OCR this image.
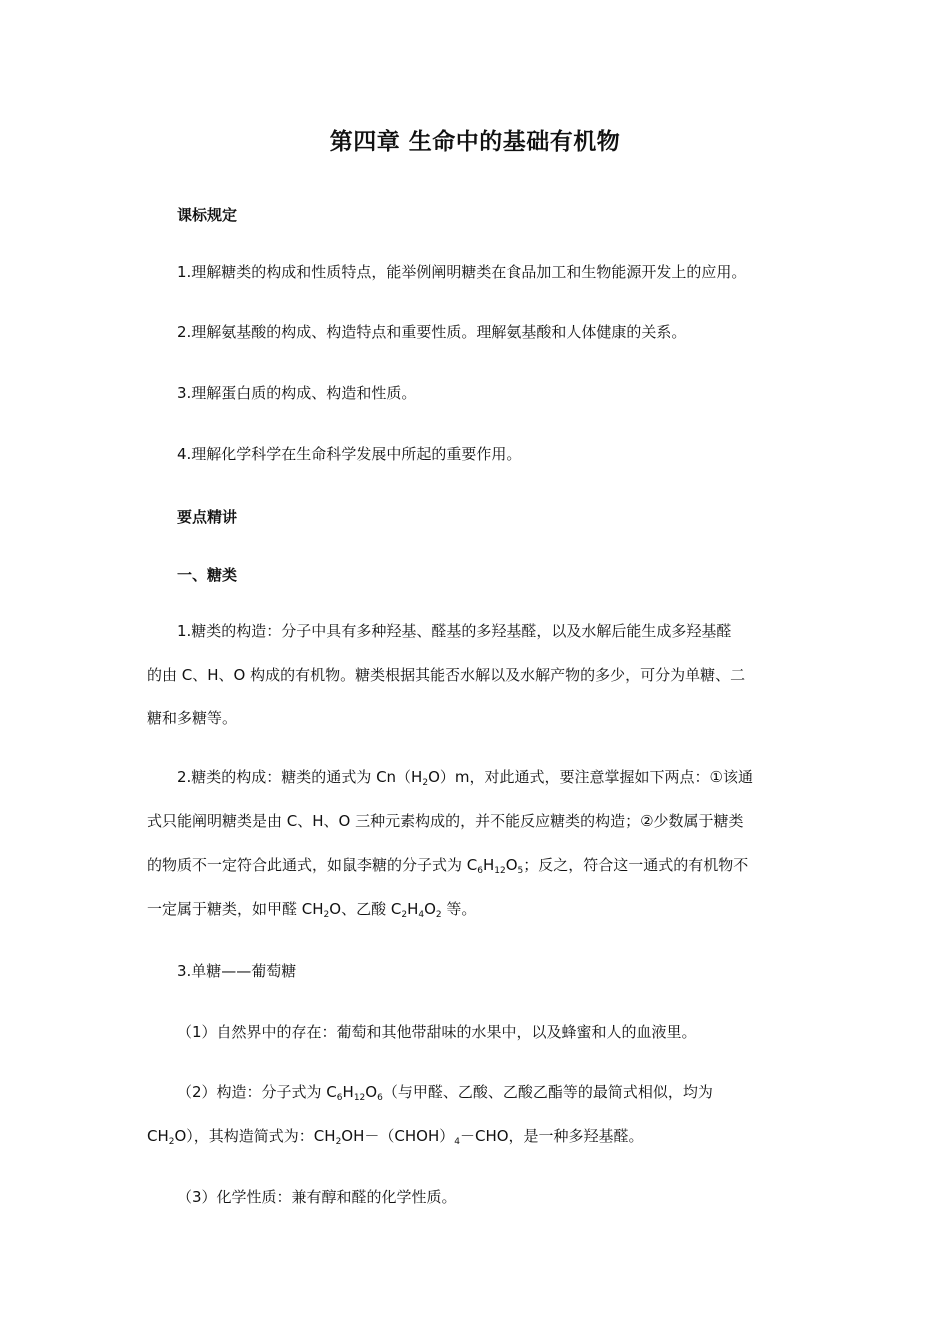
第四章 生命中的基础有机物
课标规定
1.理解糖类的构成和性质特点，能举例阐明糖类在食品加工和生物能源开发上的应用。
2.理解氨基酸的构成、构造特点和重要性质。理解氨基酸和人体健康的关系。
3.理解蛋白质的构成、构造和性质。
4.理解化学科学在生命科学发展中所起的重要作用。
要点精讲
一、糖类
1.糖类的构造：分子中具有多种羟基、醛基的多羟基醛，以及水解后能生成多羟基醛
的由 C、H、O 构成的有机物。糖类根据其能否水解以及水解产物的多少，可分为单糖、二
糖和多糖等。
2.糖类的构成：糖类的通式为 $Cn(H_2O)m$，对此通式，要注意掌握如下两点：①该通
式只能阐明糖类是由 C、H、O 三种元素构成的，并不能反应糖类的构造；②少数属于糖类
的物质不一定符合此通式，如鼠李糖的分子式为 $C_6H_{12}O_5$；反之，符合这一通式的有机物不
一定属于糖类，如甲醛 $CH_2O$、乙酸 $C_2H_4O_2$ 等。
3.单糖——葡萄糖
（1）自然界中的存在：葡萄和其他带甜味的水果中，以及蜂蜜和人的血液里。
（2）构造：分子式为 $C_6H_{12}O_6$（与甲醛、乙酸、乙酸乙酯等的最简式相似，均为
$CH_2O$），其构造简式为：$CH_2OH-(CHOH)_4-CHO$，是一种多羟基醛。
（3）化学性质：兼有醇和醛的化学性质。
